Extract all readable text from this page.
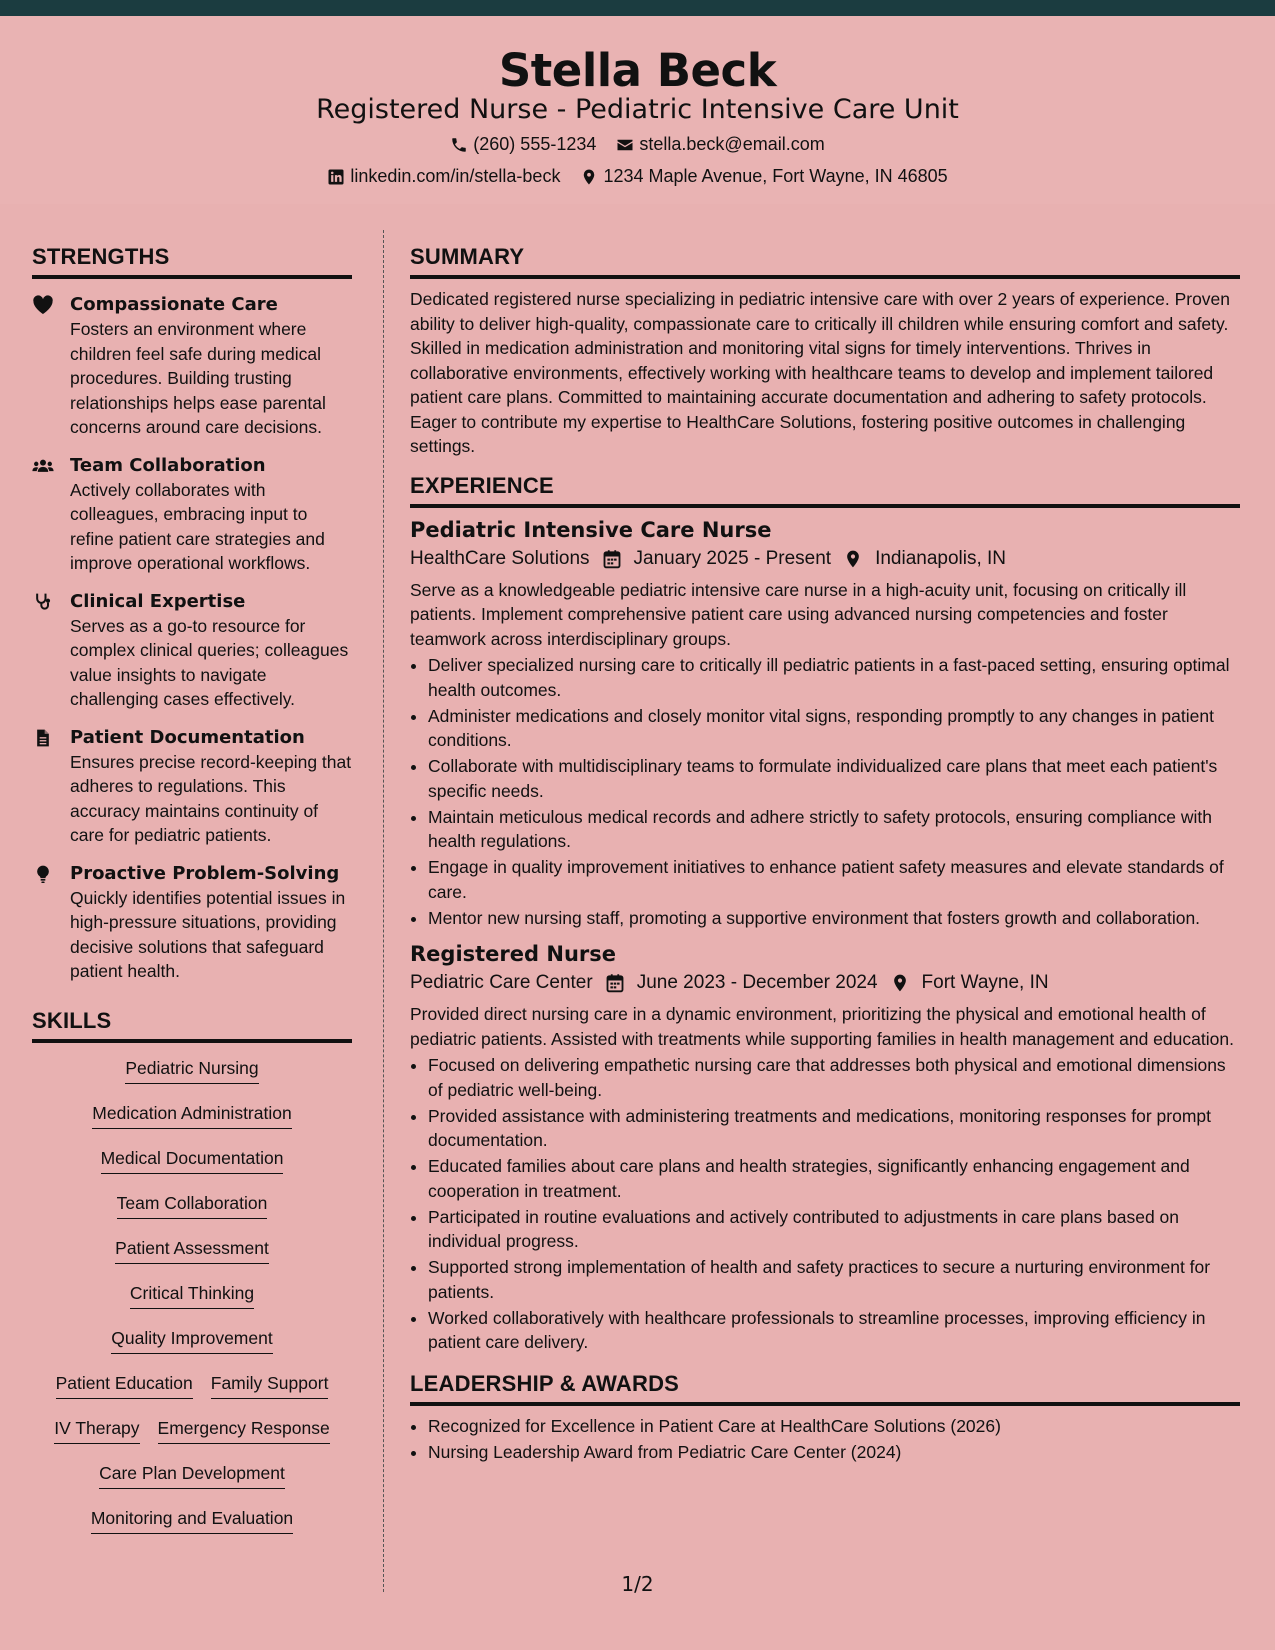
Stella Beck
Registered Nurse - Pediatric Intensive Care Unit
(260) 555-1234 stella.beck@email.com
linkedin.com/in/stella-beck 1234 Maple Avenue, Fort Wayne, IN 46805
STRENGTHS
Compassionate Care
Fosters an environment where children feel safe during medical procedures. Building trusting relationships helps ease parental concerns around care decisions.
Team Collaboration
Actively collaborates with colleagues, embracing input to refine patient care strategies and improve operational workflows.
Clinical Expertise
Serves as a go-to resource for complex clinical queries; colleagues value insights to navigate challenging cases effectively.
Patient Documentation
Ensures precise record-keeping that adheres to regulations. This accuracy maintains continuity of care for pediatric patients.
Proactive Problem-Solving
Quickly identifies potential issues in high-pressure situations, providing decisive solutions that safeguard patient health.
SKILLS
Pediatric Nursing
Medication Administration
Medical Documentation
Team Collaboration
Patient Assessment
Critical Thinking
Quality Improvement
Patient Education Family Support
IV Therapy Emergency Response
Care Plan Development
Monitoring and Evaluation
SUMMARY

Dedicated registered nurse specializing in pediatric intensive care with over 2 years of experience. Proven ability to deliver high-quality, compassionate care to critically ill children while ensuring comfort and safety. Skilled in medication administration and monitoring vital signs for timely interventions. Thrives in collaborative environments, effectively working with healthcare teams to develop and implement tailored patient care plans. Committed to maintaining accurate documentation and adhering to safety protocols. Eager to contribute my expertise to HealthCare Solutions, fostering positive outcomes in challenging settings.

EXPERIENCE
Pediatric Intensive Care Nurse
HealthCare Solutions January 2025 - Present Indianapolis, IN
Serve as a knowledgeable pediatric intensive care nurse in a high-acuity unit, focusing on critically ill patients. Implement comprehensive patient care using advanced nursing competencies and foster teamwork across interdisciplinary groups.
• Deliver specialized nursing care to critically ill pediatric patients in a fast-paced setting, ensuring optimal health outcomes.
• Administer medications and closely monitor vital signs, responding promptly to any changes in patient conditions.
• Collaborate with multidisciplinary teams to formulate individualized care plans that meet each patient's specific needs.
• Maintain meticulous medical records and adhere strictly to safety protocols, ensuring compliance with health regulations.
• Engage in quality improvement initiatives to enhance patient safety measures and elevate standards of care.
• Mentor new nursing staff, promoting a supportive environment that fosters growth and collaboration.
Registered Nurse
Pediatric Care Center June 2023 - December 2024 Fort Wayne, IN
Provided direct nursing care in a dynamic environment, prioritizing the physical and emotional health of pediatric patients. Assisted with treatments while supporting families in health management and education.
• Focused on delivering empathetic nursing care that addresses both physical and emotional dimensions of pediatric well-being.
• Provided assistance with administering treatments and medications, monitoring responses for prompt documentation.
• Educated families about care plans and health strategies, significantly enhancing engagement and cooperation in treatment.
• Participated in routine evaluations and actively contributed to adjustments in care plans based on individual progress.
• Supported strong implementation of health and safety practices to secure a nurturing environment for patients.
• Worked collaboratively with healthcare professionals to streamline processes, improving efficiency in patient care delivery.
LEADERSHIP & AWARDS
• Recognized for Excellence in Patient Care at HealthCare Solutions (2026)
• Nursing Leadership Award from Pediatric Care Center (2024)
1/2
